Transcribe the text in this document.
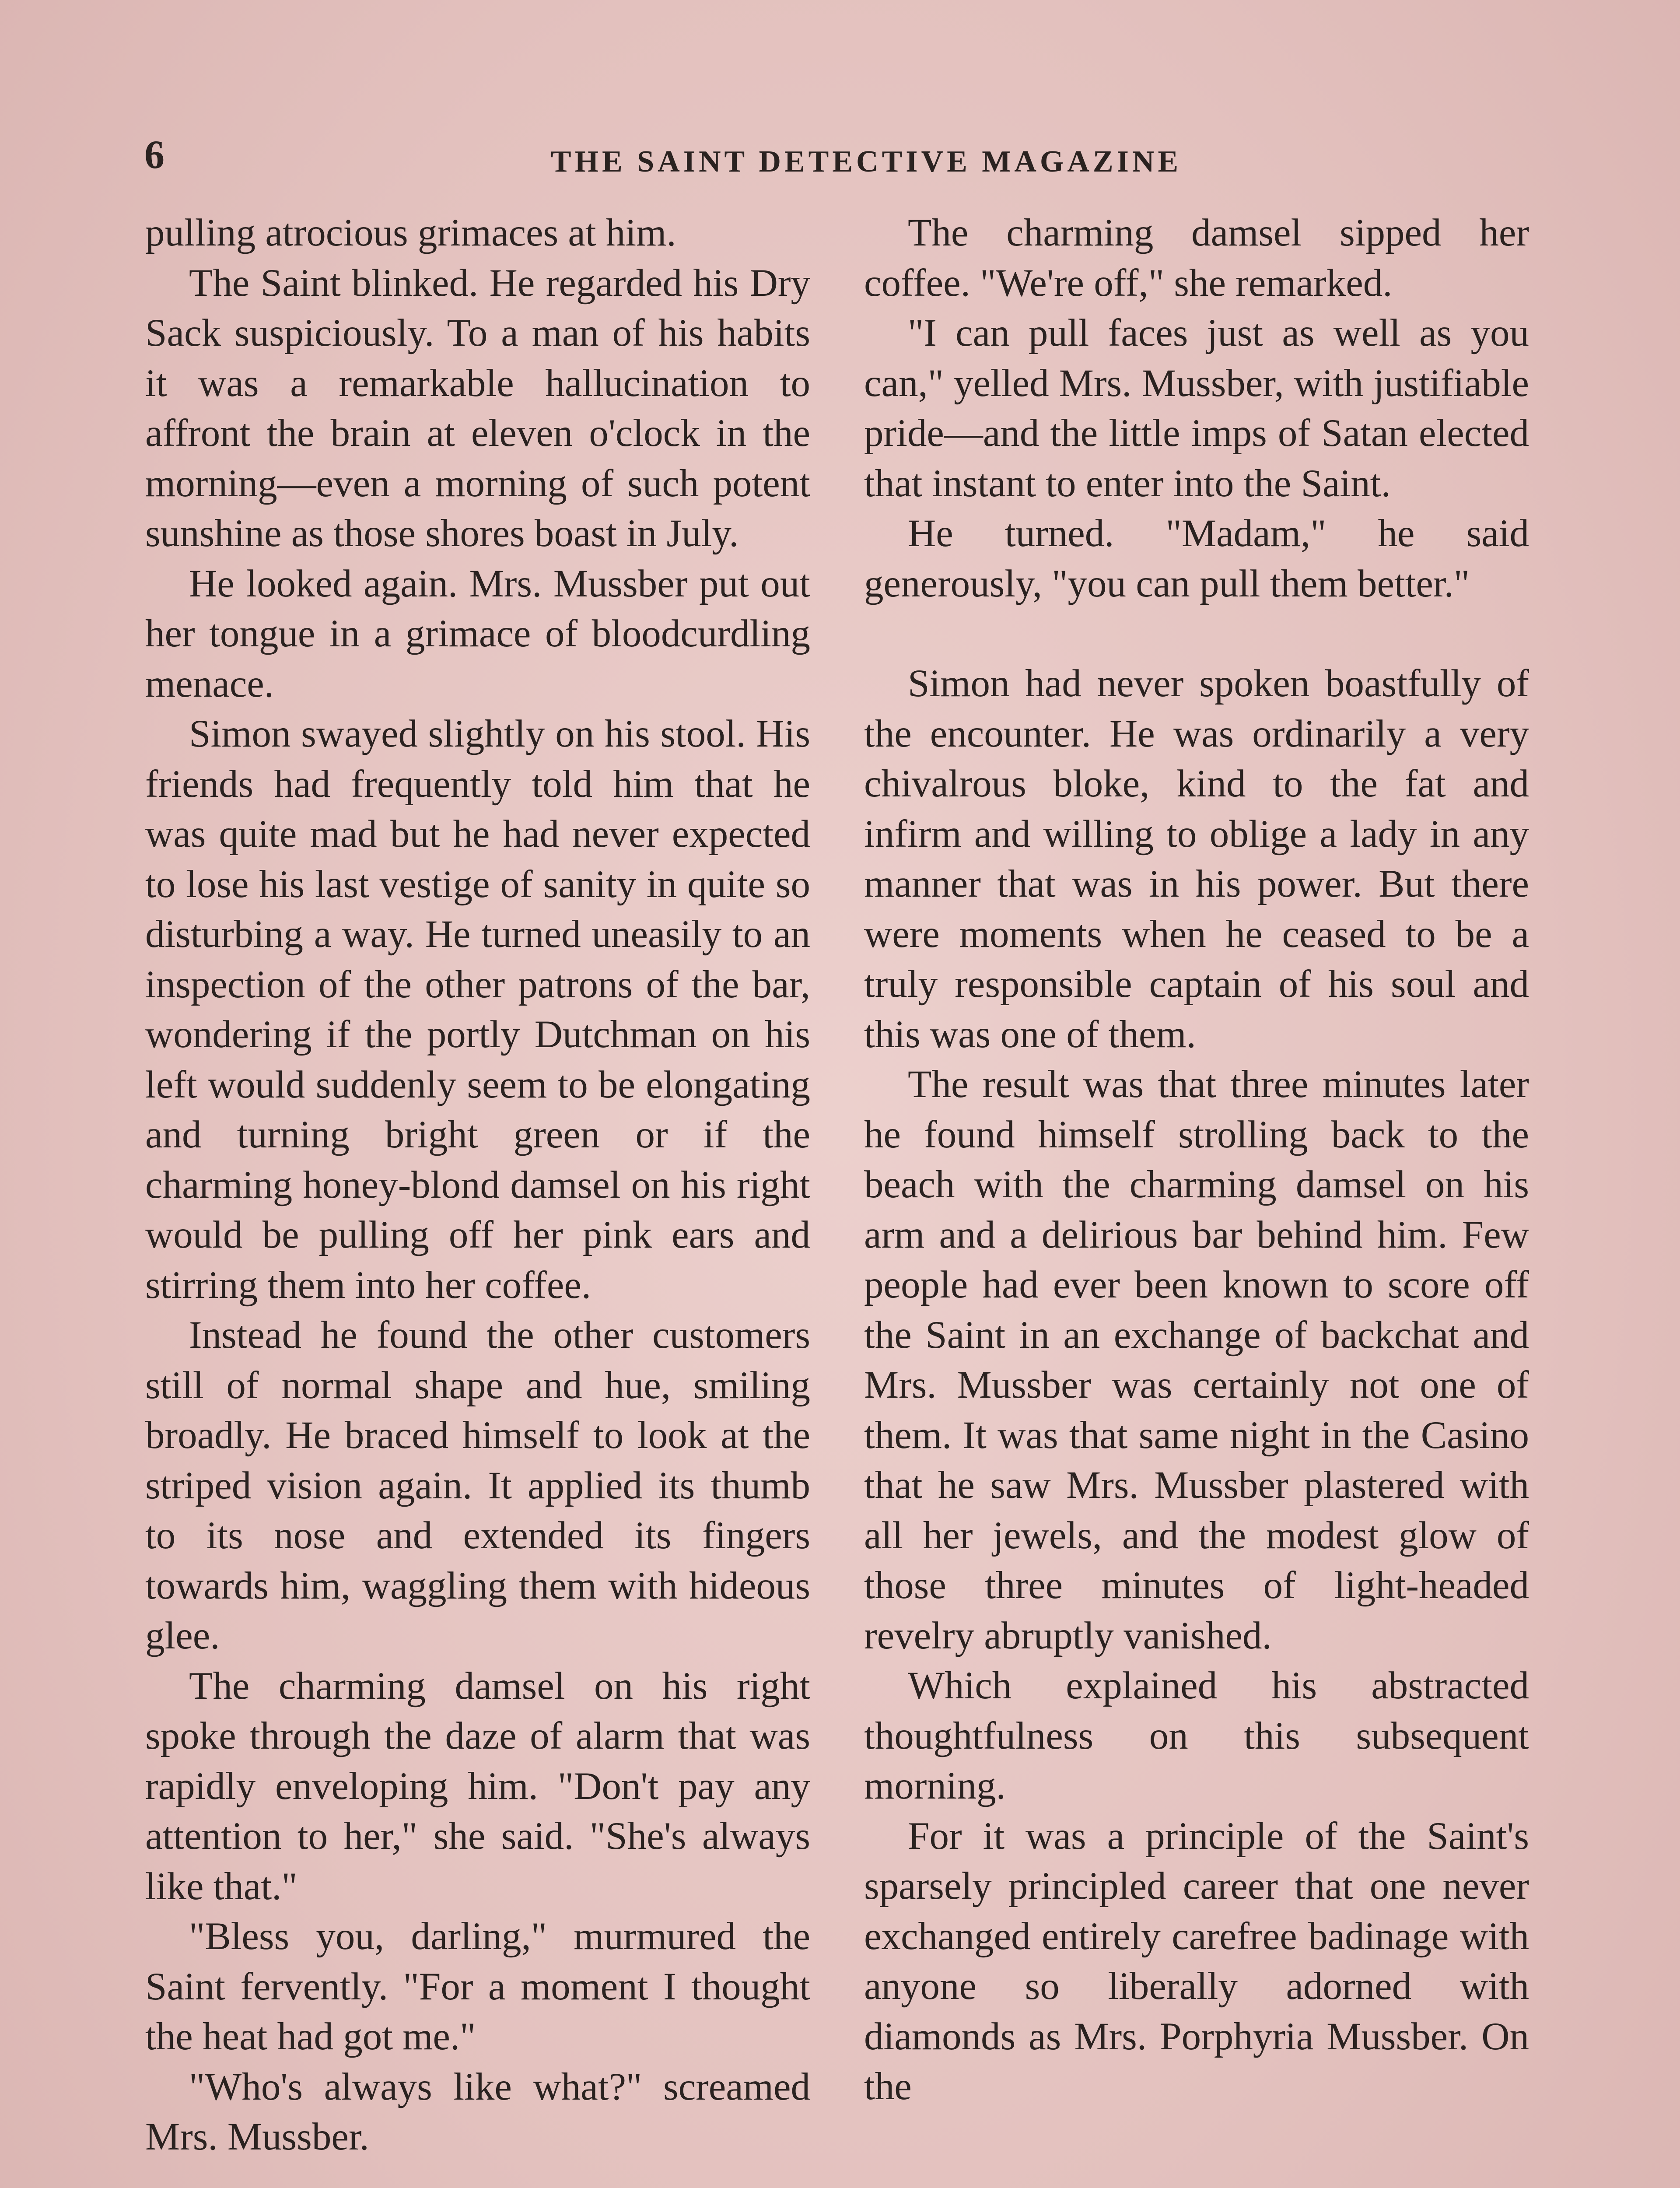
6	THE SAINT DETECTIVE MAGAZINE

pulling atrocious grimaces at him.

The Saint blinked. He regarded his Dry Sack suspiciously. To a man of his habits it was a remarkable hallucination to affront the brain at eleven o'clock in the morning—even a morning of such potent sunshine as those shores boast in July.

He looked again. Mrs. Mussber put out her tongue in a grimace of bloodcurdling menace.

Simon swayed slightly on his stool. His friends had frequently told him that he was quite mad but he had never expected to lose his last vestige of sanity in quite so disturbing a way. He turned uneasily to an inspection of the other patrons of the bar, wondering if the portly Dutchman on his left would suddenly seem to be elongating and turning bright green or if the charming honey-blond damsel on his right would be pulling off her pink ears and stirring them into her coffee.

Instead he found the other customers still of normal shape and hue, smiling broadly. He braced himself to look at the striped vision again. It applied its thumb to its nose and extended its fingers towards him, waggling them with hideous glee.

The charming damsel on his right spoke through the daze of alarm that was rapidly enveloping him. "Don't pay any attention to her," she said. "She's always like that."

"Bless you, darling," murmured the Saint fervently. "For a moment I thought the heat had got me."

"Who's always like what?" screamed Mrs. Mussber.

The charming damsel sipped her coffee. "We're off," she remarked.

"I can pull faces just as well as you can," yelled Mrs. Mussber, with justifiable pride—and the little imps of Satan elected that instant to enter into the Saint.

He turned. "Madam," he said generously, "you can pull them better."

Simon had never spoken boastfully of the encounter. He was ordinarily a very chivalrous bloke, kind to the fat and infirm and willing to oblige a lady in any manner that was in his power. But there were moments when he ceased to be a truly responsible captain of his soul and this was one of them.

The result was that three minutes later he found himself strolling back to the beach with the charming damsel on his arm and a delirious bar behind him. Few people had ever been known to score off the Saint in an exchange of backchat and Mrs. Mussber was certainly not one of them. It was that same night in the Casino that he saw Mrs. Mussber plastered with all her jewels, and the modest glow of those three minutes of light-headed revelry abruptly vanished.

Which explained his abstracted thoughtfulness on this subsequent morning.

For it was a principle of the Saint's sparsely principled career that one never exchanged entirely carefree badinage with anyone so liberally adorned with diamonds as Mrs. Porphyria Mussber. On the
